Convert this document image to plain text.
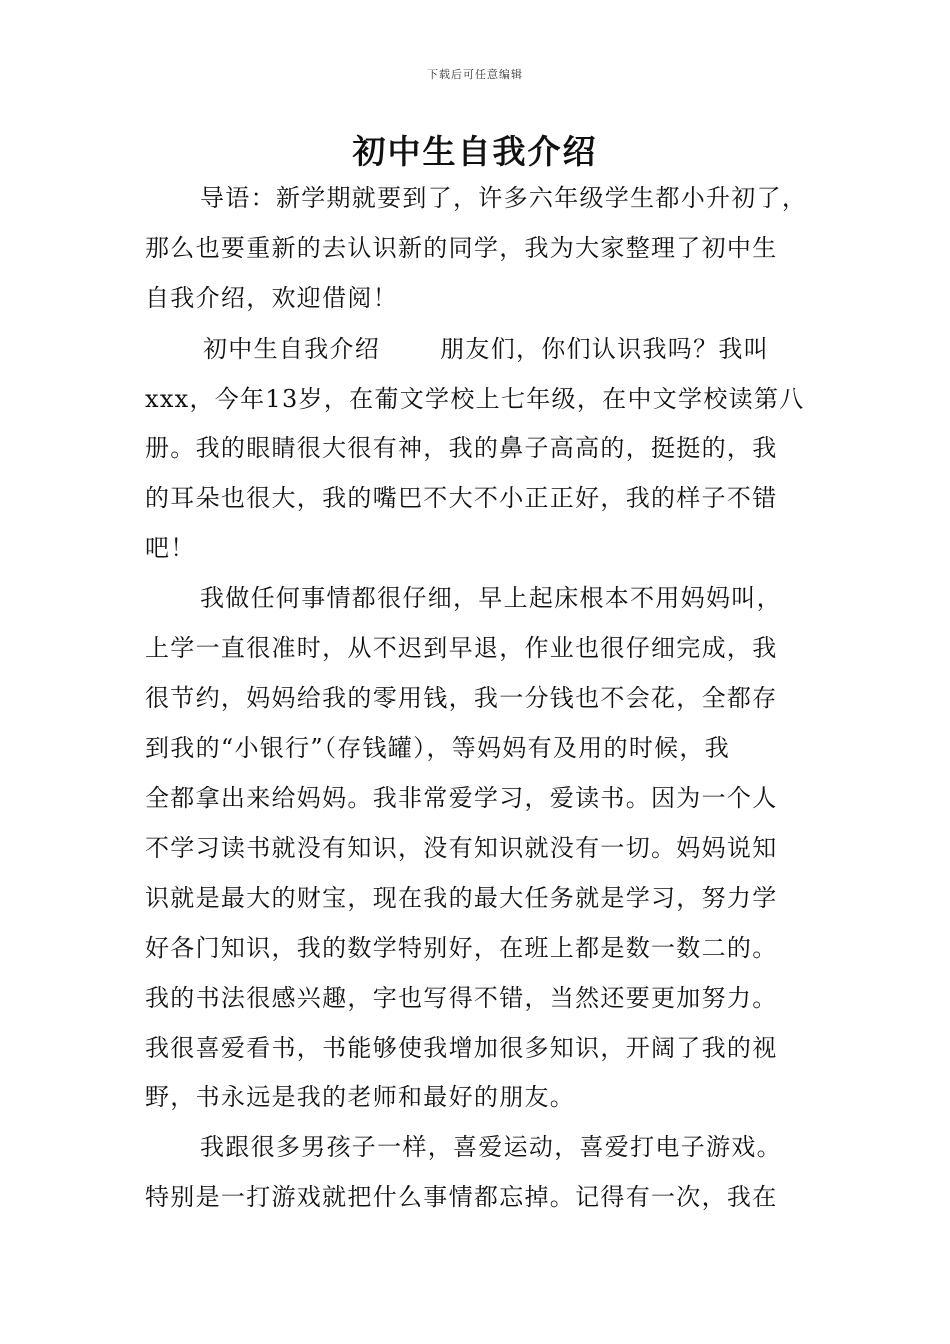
下载后可任意编辑
初中生自我介绍
导语：新学期就要到了，许多六年级学生都小升初了，
那么也要重新的去认识新的同学，我为大家整理了初中生
自我介绍，欢迎借阅！
初中生自我介绍	朋友们，你们认识我吗？我叫
xxx，今年13岁，在葡文学校上七年级，在中文学校读第八
册。我的眼睛很大很有神，我的鼻子高高的，挺挺的，我
的耳朵也很大，我的嘴巴不大不小正正好，我的样子不错
吧！
我做任何事情都很仔细，早上起床根本不用妈妈叫，
上学一直很准时，从不迟到早退，作业也很仔细完成，我
很节约，妈妈给我的零用钱，我一分钱也不会花，全都存
到我的“小银行”（存钱罐），等妈妈有及用的时候，我
全都拿出来给妈妈。我非常爱学习，爱读书。因为一个人
不学习读书就没有知识，没有知识就没有一切。妈妈说知
识就是最大的财宝，现在我的最大任务就是学习，努力学
好各门知识，我的数学特别好，在班上都是数一数二的。
我的书法很感兴趣，字也写得不错，当然还要更加努力。
我很喜爱看书，书能够使我增加很多知识，开阔了我的视
野，书永远是我的老师和最好的朋友。
我跟很多男孩子一样，喜爱运动，喜爱打电子游戏。
特别是一打游戏就把什么事情都忘掉。记得有一次，我在
